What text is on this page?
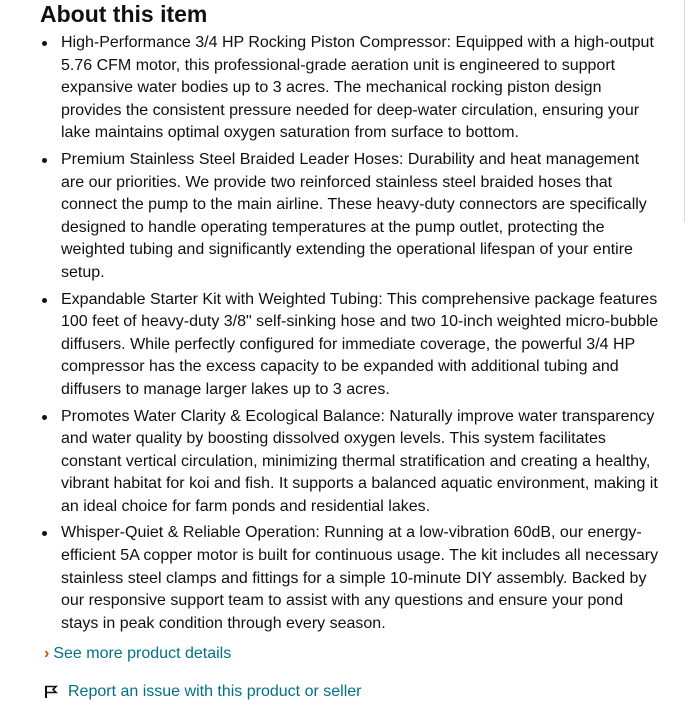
About this item
High-Performance 3/4 HP Rocking Piston Compressor: Equipped with a high-output 5.76 CFM motor, this professional-grade aeration unit is engineered to support expansive water bodies up to 3 acres. The mechanical rocking piston design provides the consistent pressure needed for deep-water circulation, ensuring your lake maintains optimal oxygen saturation from surface to bottom.
Premium Stainless Steel Braided Leader Hoses: Durability and heat management are our priorities. We provide two reinforced stainless steel braided hoses that connect the pump to the main airline. These heavy-duty connectors are specifically designed to handle operating temperatures at the pump outlet, protecting the weighted tubing and significantly extending the operational lifespan of your entire setup.
Expandable Starter Kit with Weighted Tubing: This comprehensive package features 100 feet of heavy-duty 3/8" self-sinking hose and two 10-inch weighted micro-bubble diffusers. While perfectly configured for immediate coverage, the powerful 3/4 HP compressor has the excess capacity to be expanded with additional tubing and diffusers to manage larger lakes up to 3 acres.
Promotes Water Clarity & Ecological Balance: Naturally improve water transparency and water quality by boosting dissolved oxygen levels. This system facilitates constant vertical circulation, minimizing thermal stratification and creating a healthy, vibrant habitat for koi and fish. It supports a balanced aquatic environment, making it an ideal choice for farm ponds and residential lakes.
Whisper-Quiet & Reliable Operation: Running at a low-vibration 60dB, our energy-efficient 5A copper motor is built for continuous usage. The kit includes all necessary stainless steel clamps and fittings for a simple 10-minute DIY assembly. Backed by our responsive support team to assist with any questions and ensure your pond stays in peak condition through every season.
› See more product details
Report an issue with this product or seller
